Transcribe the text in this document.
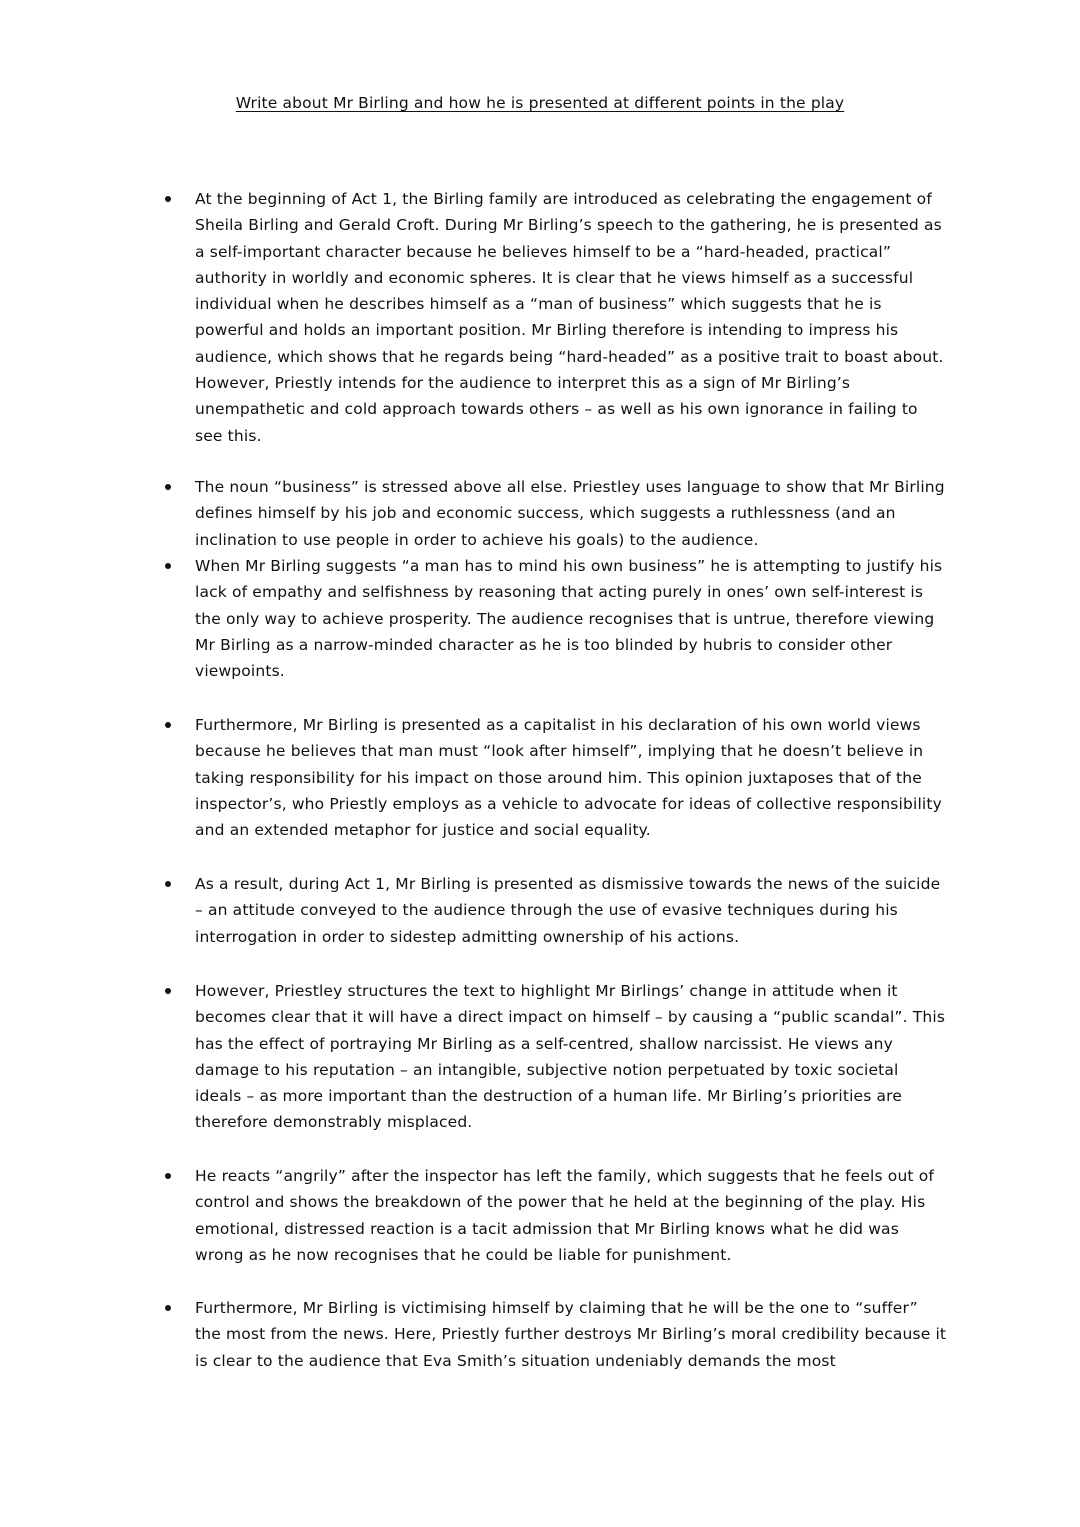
Write about Mr Birling and how he is presented at different points in the play

At the beginning of Act 1, the Birling family are introduced as celebrating the engagement of Sheila Birling and Gerald Croft. During Mr Birling’s speech to the gathering, he is presented as a self-important character because he believes himself to be a “hard-headed, practical” authority in worldly and economic spheres. It is clear that he views himself as a successful individual when he describes himself as a “man of business” which suggests that he is powerful and holds an important position. Mr Birling therefore is intending to impress his audience, which shows that he regards being “hard-headed” as a positive trait to boast about. However, Priestly intends for the audience to interpret this as a sign of Mr Birling’s unempathetic and cold approach towards others – as well as his own ignorance in failing to see this.

The noun “business” is stressed above all else. Priestley uses language to show that Mr Birling defines himself by his job and economic success, which suggests a ruthlessness (and an inclination to use people in order to achieve his goals) to the audience.

When Mr Birling suggests “a man has to mind his own business” he is attempting to justify his lack of empathy and selfishness by reasoning that acting purely in ones’ own self-interest is the only way to achieve prosperity. The audience recognises that is untrue, therefore viewing Mr Birling as a narrow-minded character as he is too blinded by hubris to consider other viewpoints.

Furthermore, Mr Birling is presented as a capitalist in his declaration of his own world views because he believes that man must “look after himself”, implying that he doesn’t believe in taking responsibility for his impact on those around him. This opinion juxtaposes that of the inspector’s, who Priestly employs as a vehicle to advocate for ideas of collective responsibility and an extended metaphor for justice and social equality.

As a result, during Act 1, Mr Birling is presented as dismissive towards the news of the suicide – an attitude conveyed to the audience through the use of evasive techniques during his interrogation in order to sidestep admitting ownership of his actions.

However, Priestley structures the text to highlight Mr Birlings’ change in attitude when it becomes clear that it will have a direct impact on himself – by causing a “public scandal”. This has the effect of portraying Mr Birling as a self-centred, shallow narcissist. He views any damage to his reputation – an intangible, subjective notion perpetuated by toxic societal ideals – as more important than the destruction of a human life. Mr Birling’s priorities are therefore demonstrably misplaced.

He reacts “angrily” after the inspector has left the family, which suggests that he feels out of control and shows the breakdown of the power that he held at the beginning of the play. His emotional, distressed reaction is a tacit admission that Mr Birling knows what he did was wrong as he now recognises that he could be liable for punishment.

Furthermore, Mr Birling is victimising himself by claiming that he will be the one to “suffer” the most from the news. Here, Priestly further destroys Mr Birling’s moral credibility because it is clear to the audience that Eva Smith’s situation undeniably demands the most
